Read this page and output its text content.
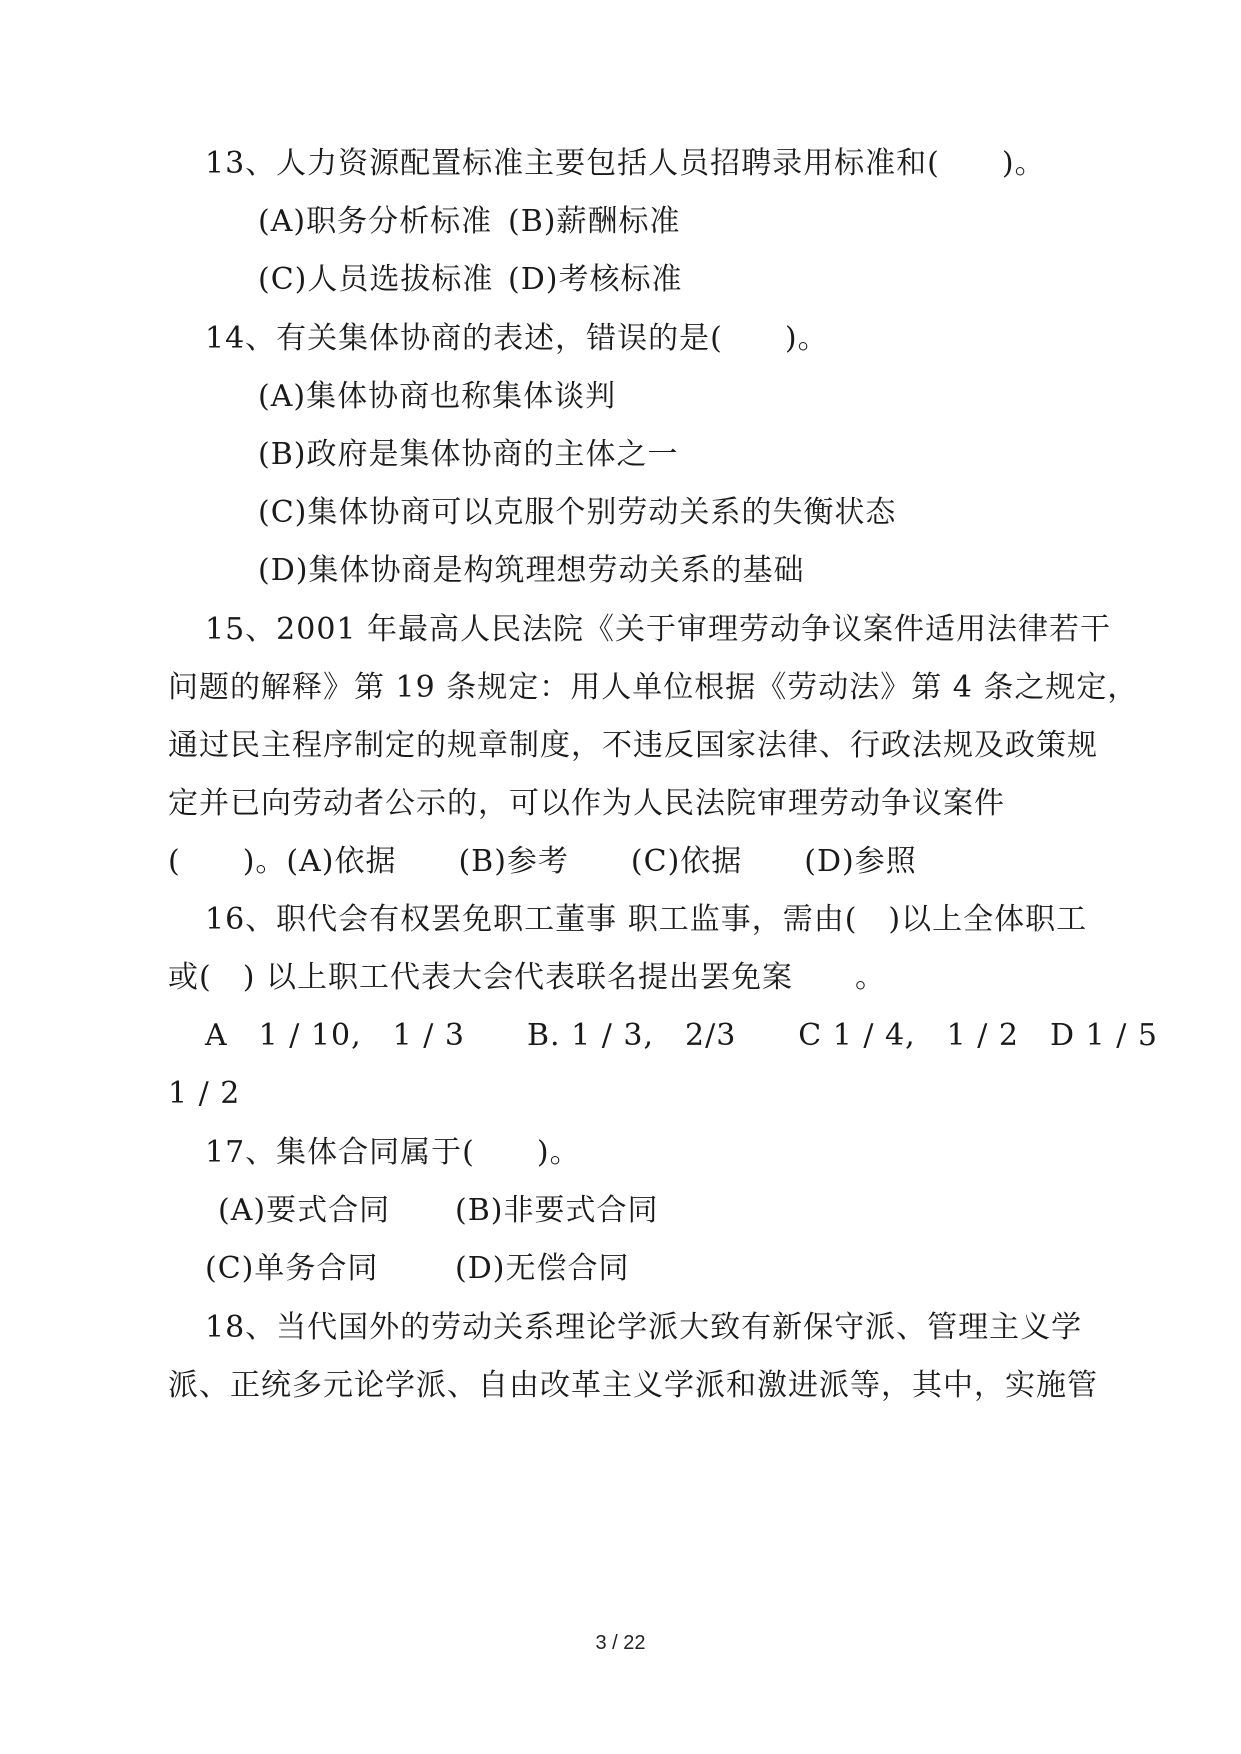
13、人力资源配置标准主要包括人员招聘录用标准和(　　)。
(A)职务分析标准 (B)薪酬标准
(C)人员选拔标准 (D)考核标准
14、有关集体协商的表述，错误的是(　　)。
(A)集体协商也称集体谈判
(B)政府是集体协商的主体之一
(C)集体协商可以克服个别劳动关系的失衡状态
(D)集体协商是构筑理想劳动关系的基础
15、2001 年最高人民法院《关于审理劳动争议案件适用法律若干
问题的解释》第 19 条规定：用人单位根据《劳动法》第 4 条之规定，
通过民主程序制定的规章制度，不违反国家法律、行政法规及政策规
定并已向劳动者公示的，可以作为人民法院审理劳动争议案件
(　　)。(A)依据　　(B)参考　　(C)依据　　(D)参照
16、职代会有权罢免职工董事 职工监事，需由(　)以上全体职工
或(　) 以上职工代表大会代表联名提出罢免案　　。
A　1 / 10,　1 / 3　　B. 1 / 3,　2/3　　C 1 / 4,　1 / 2　D 1 / 5
1 / 2
17、集体合同属于(　　)。
(A)要式合同 (B)非要式合同
(C)单务合同	(D)无偿合同
18、当代国外的劳动关系理论学派大致有新保守派、管理主义学
派、正统多元论学派、自由改革主义学派和激进派等，其中，实施管
3 / 22
